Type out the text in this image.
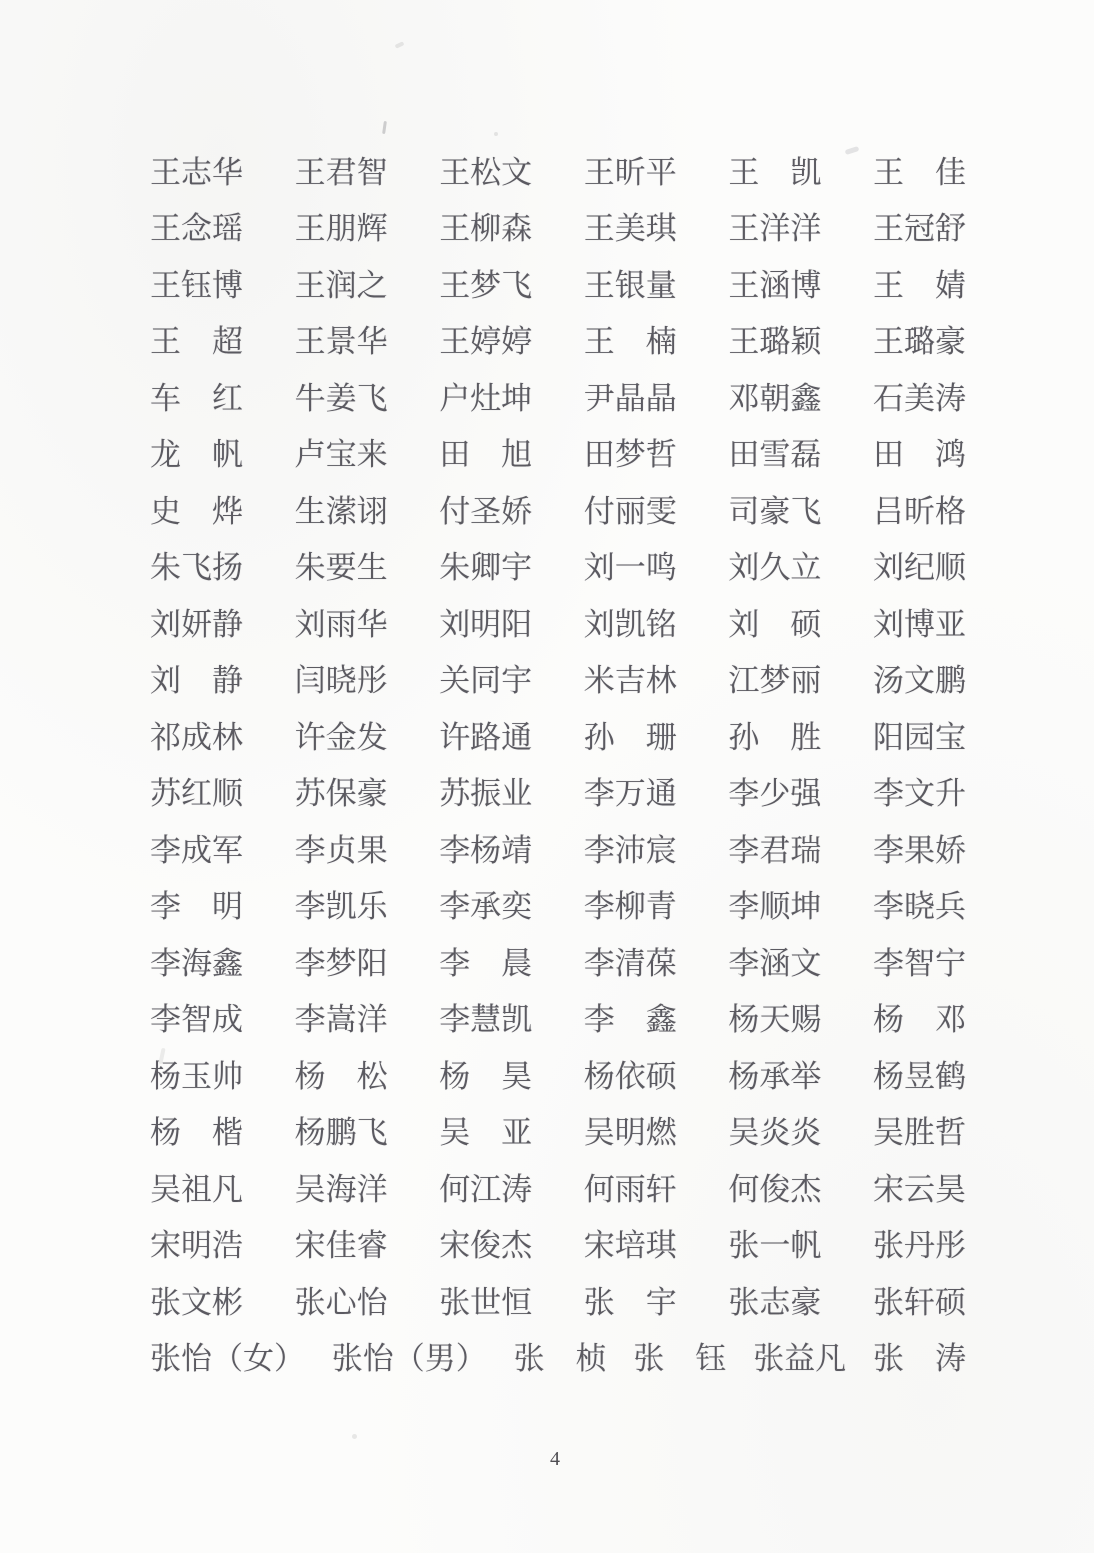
王志华 王君智 王松文 王昕平 王　凯 王　佳
王念瑶 王朋辉 王柳森 王美琪 王洋洋 王冠舒
王钰博 王润之 王梦飞 王银量 王涵博 王　婧
王　超 王景华 王婷婷 王　楠 王璐颖 王璐豪
车　红 牛姜飞 户灶坤 尹晶晶 邓朝鑫 石美涛
龙　帆 卢宝来 田　旭 田梦哲 田雪磊 田　鸿
史　烨 生潆诩 付圣娇 付丽雯 司豪飞 吕昕格
朱飞扬 朱要生 朱卿宇 刘一鸣 刘久立 刘纪顺
刘妍静 刘雨华 刘明阳 刘凯铭 刘　硕 刘博亚
刘　静 闫晓彤 关同宇 米吉林 江梦丽 汤文鹏
祁成林 许金发 许路通 孙　珊 孙　胜 阳园宝
苏红顺 苏保豪 苏振业 李万通 李少强 李文升
李成军 李贞果 李杨靖 李沛宸 李君瑞 李果娇
李　明 李凯乐 李承奕 李柳青 李顺坤 李晓兵
李海鑫 李梦阳 李　晨 李清葆 李涵文 李智宁
李智成 李嵩洋 李慧凯 李　鑫 杨天赐 杨　邓
杨玉帅 杨　松 杨　昊 杨依硕 杨承举 杨昱鹤
杨　楷 杨鹏飞 吴　亚 吴明燃 吴炎炎 吴胜哲
吴祖凡 吴海洋 何江涛 何雨轩 何俊杰 宋云昊
宋明浩 宋佳睿 宋俊杰 宋培琪 张一帆 张丹彤
张文彬 张心怡 张世恒 张　宇 张志豪 张轩硕
张怡（女） 张怡（男） 张　桢 张　钰 张益凡 张　涛
4
